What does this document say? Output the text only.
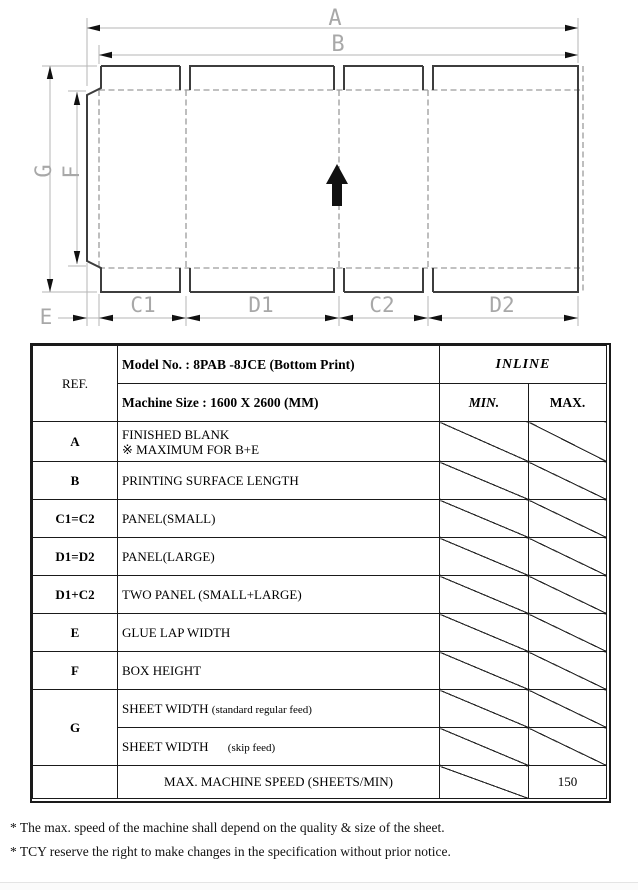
A
B
G F
E	C1	D1	C2	D2
REF.	Model No. : 8PAB -8JCE (Bottom Print)	INLINE	
	Machine Size : 1600 X 2600 (MM)	MIN.	MAX.
A	FINISHED BLANK
※ MAXIMUM FOR B+E		

B	PRINTING SURFACE LENGTH		
C1=C2	PANEL(SMALL)		
D1=D2	PANEL(LARGE)		
D1+C2	TWO PANEL (SMALL+LARGE)		
E	GLUE LAP WIDTH		
F	BOX HEIGHT		
G	SHEET WIDTH (standard regular feed)		
	SHEET WIDTH (skip feed)		
	MAX. MACHINE SPEED (SHEETS/MIN)		150
* The max. speed of the machine shall depend on the quality & size of the sheet.
* TCY reserve the right to make changes in the specification without prior notice.
